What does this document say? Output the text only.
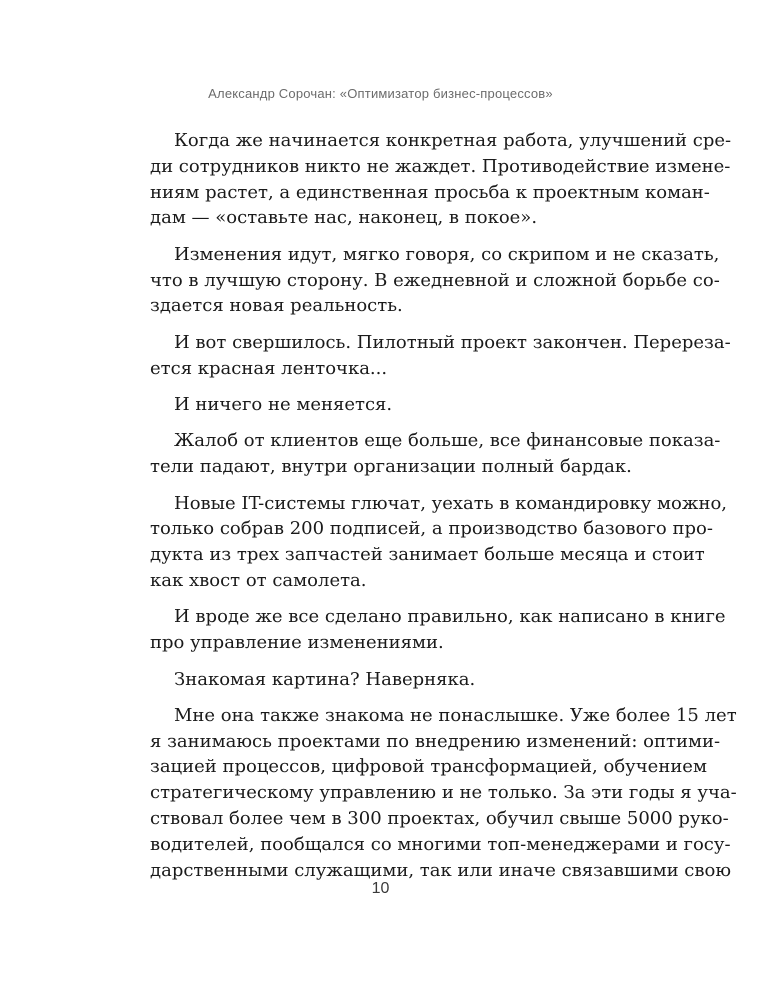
Александр Сорочан: «Оптимизатор бизнес-процессов»
Когда же начинается конкретная работа, улучшений сре-
ди сотрудников никто не жаждет. Противодействие измене-
ниям растет, а единственная просьба к проектным коман-
дам — «оставьте нас, наконец, в покое».
Изменения идут, мягко говоря, со скрипом и не сказать,
что в лучшую сторону. В ежедневной и сложной борьбе со-
здается новая реальность.
И вот свершилось. Пилотный проект закончен. Перереза-
ется красная ленточка...
И ничего не меняется.
Жалоб от клиентов еще больше, все финансовые показа-
тели падают, внутри организации полный бардак.
Новые IT-системы глючат, уехать в командировку можно,
только собрав 200 подписей, а производство базового про-
дукта из трех запчастей занимает больше месяца и стоит
как хвост от самолета.
И вроде же все сделано правильно, как написано в книге
про управление изменениями.
Знакомая картина? Наверняка.
Мне она также знакома не понаслышке. Уже более 15 лет
я занимаюсь проектами по внедрению изменений: оптими-
зацией процессов, цифровой трансформацией, обучением
стратегическому управлению и не только. За эти годы я уча-
ствовал более чем в 300 проектах, обучил свыше 5000 руко-
водителей, пообщался со многими топ-менеджерами и госу-
дарственными служащими, так или иначе связавшими свою
10
